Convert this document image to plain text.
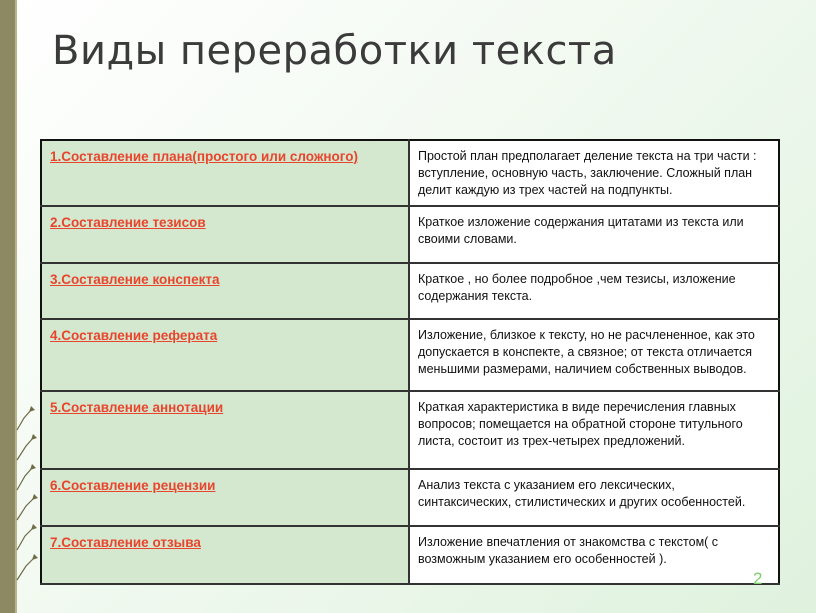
Виды переработки текста
1.Составление плана(простого или сложного)	Простой план предполагает деление текста на три части : вступление, основную часть, заключение. Сложный план делит каждую из трех частей на подпункты.
2.Составление тезисов	Краткое изложение содержания цитатами из текста или своими словами.
3.Составление конспекта	Краткое , но более подробное ,чем тезисы, изложение содержания текста.
4.Составление реферата	Изложение, близкое к тексту, но не расчлененное, как это допускается в конспекте, а связное; от текста отличается меньшими размерами, наличием собственных выводов.
5.Составление аннотации	Краткая характеристика в виде перечисления главных вопросов; помещается на обратной стороне титульного листа, состоит из трех-четырех предложений.
6.Составление рецензии	Анализ текста с указанием его лексических, синтаксических, стилистических и других особенностей.
7.Составление отзыва	Изложение впечатления от знакомства с текстом( с возможным указанием его особенностей ).
2
